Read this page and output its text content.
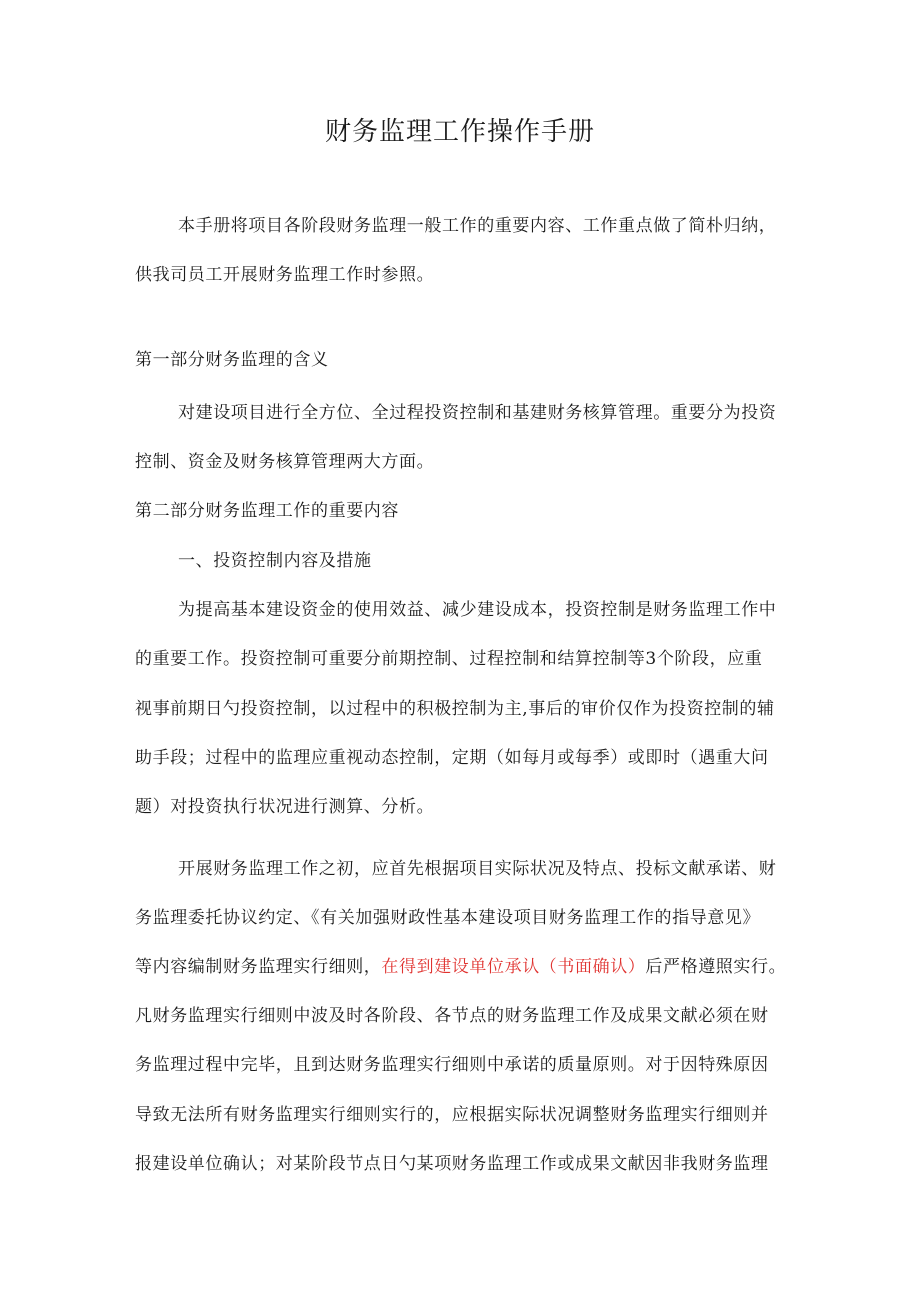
财务监理工作操作手册
本手册将项目各阶段财务监理一般工作的重要内容、工作重点做了简朴归纳，
供我司员工开展财务监理工作时参照。
第一部分财务监理的含义
对建设项目进行全方位、全过程投资控制和基建财务核算管理。重要分为投资
控制、资金及财务核算管理两大方面。
第二部分财务监理工作的重要内容
一、投资控制内容及措施
为提高基本建设资金的使用效益、减少建设成本，投资控制是财务监理工作中
的重要工作。投资控制可重要分前期控制、过程控制和结算控制等3个阶段，应重
视事前期日勺投资控制，以过程中的积极控制为主,事后的审价仅作为投资控制的辅
助手段；过程中的监理应重视动态控制，定期（如每月或每季）或即时（遇重大问
题）对投资执行状况进行测算、分析。
开展财务监理工作之初，应首先根据项目实际状况及特点、投标文献承诺、财
务监理委托协议约定、《有关加强财政性基本建设项目财务监理工作的指导意见》
等内容编制财务监理实行细则，在得到建设单位承认（书面确认）后严格遵照实行。
凡财务监理实行细则中波及时各阶段、各节点的财务监理工作及成果文献必须在财
务监理过程中完毕，且到达财务监理实行细则中承诺的质量原则。对于因特殊原因
导致无法所有财务监理实行细则实行的，应根据实际状况调整财务监理实行细则并
报建设单位确认；对某阶段节点日勺某项财务监理工作或成果文献因非我财务监理
